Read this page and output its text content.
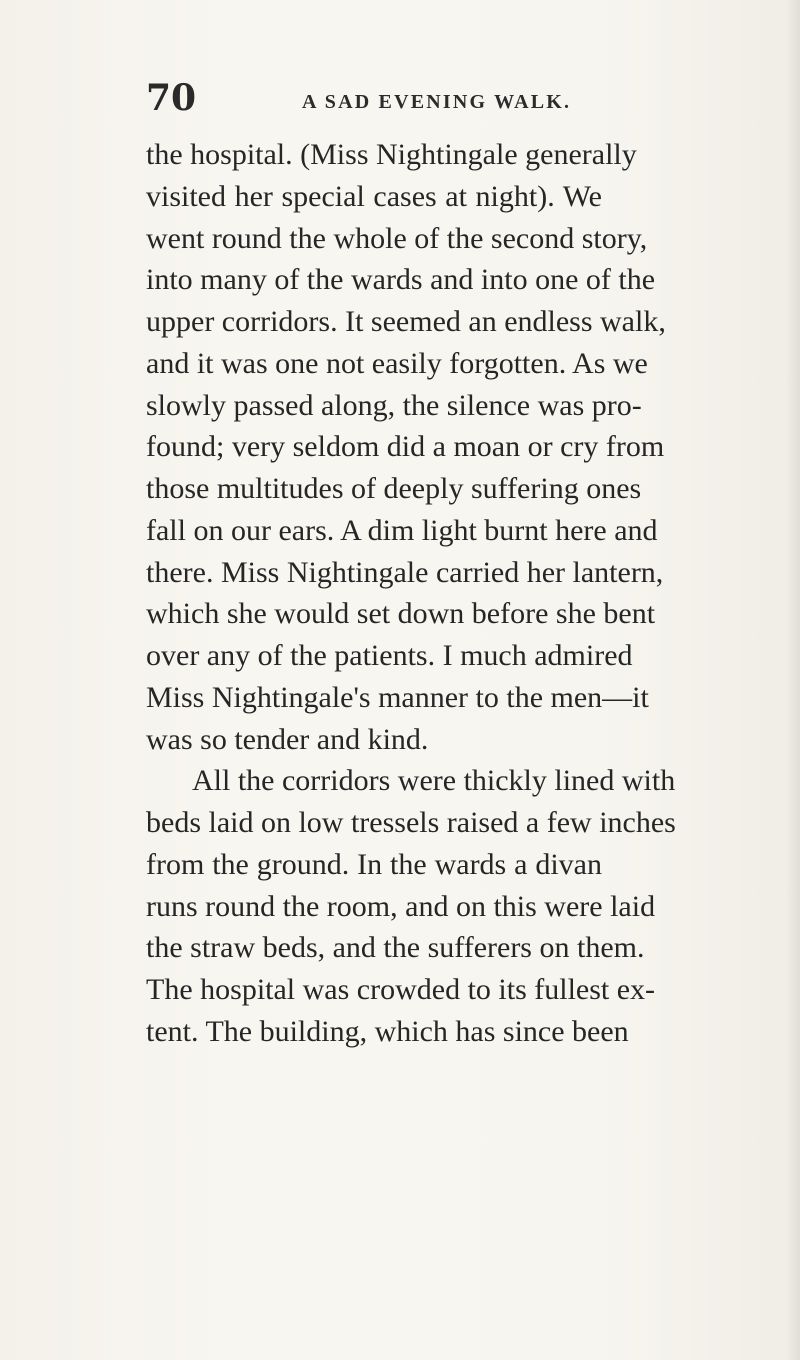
70	A SAD EVENING WALK.
the hospital. (Miss Nightingale generally
visited her special cases at night). We
went round the whole of the second story,
into many of the wards and into one of the
upper corridors. It seemed an endless walk,
and it was one not easily forgotten. As we
slowly passed along, the silence was pro-
found; very seldom did a moan or cry from
those multitudes of deeply suffering ones
fall on our ears. A dim light burnt here and
there. Miss Nightingale carried her lantern,
which she would set down before she bent
over any of the patients. I much admired
Miss Nightingale's manner to the men—it
was so tender and kind.
All the corridors were thickly lined with
beds laid on low tressels raised a few inches
from the ground. In the wards a divan
runs round the room, and on this were laid
the straw beds, and the sufferers on them.
The hospital was crowded to its fullest ex-
tent. The building, which has since been
